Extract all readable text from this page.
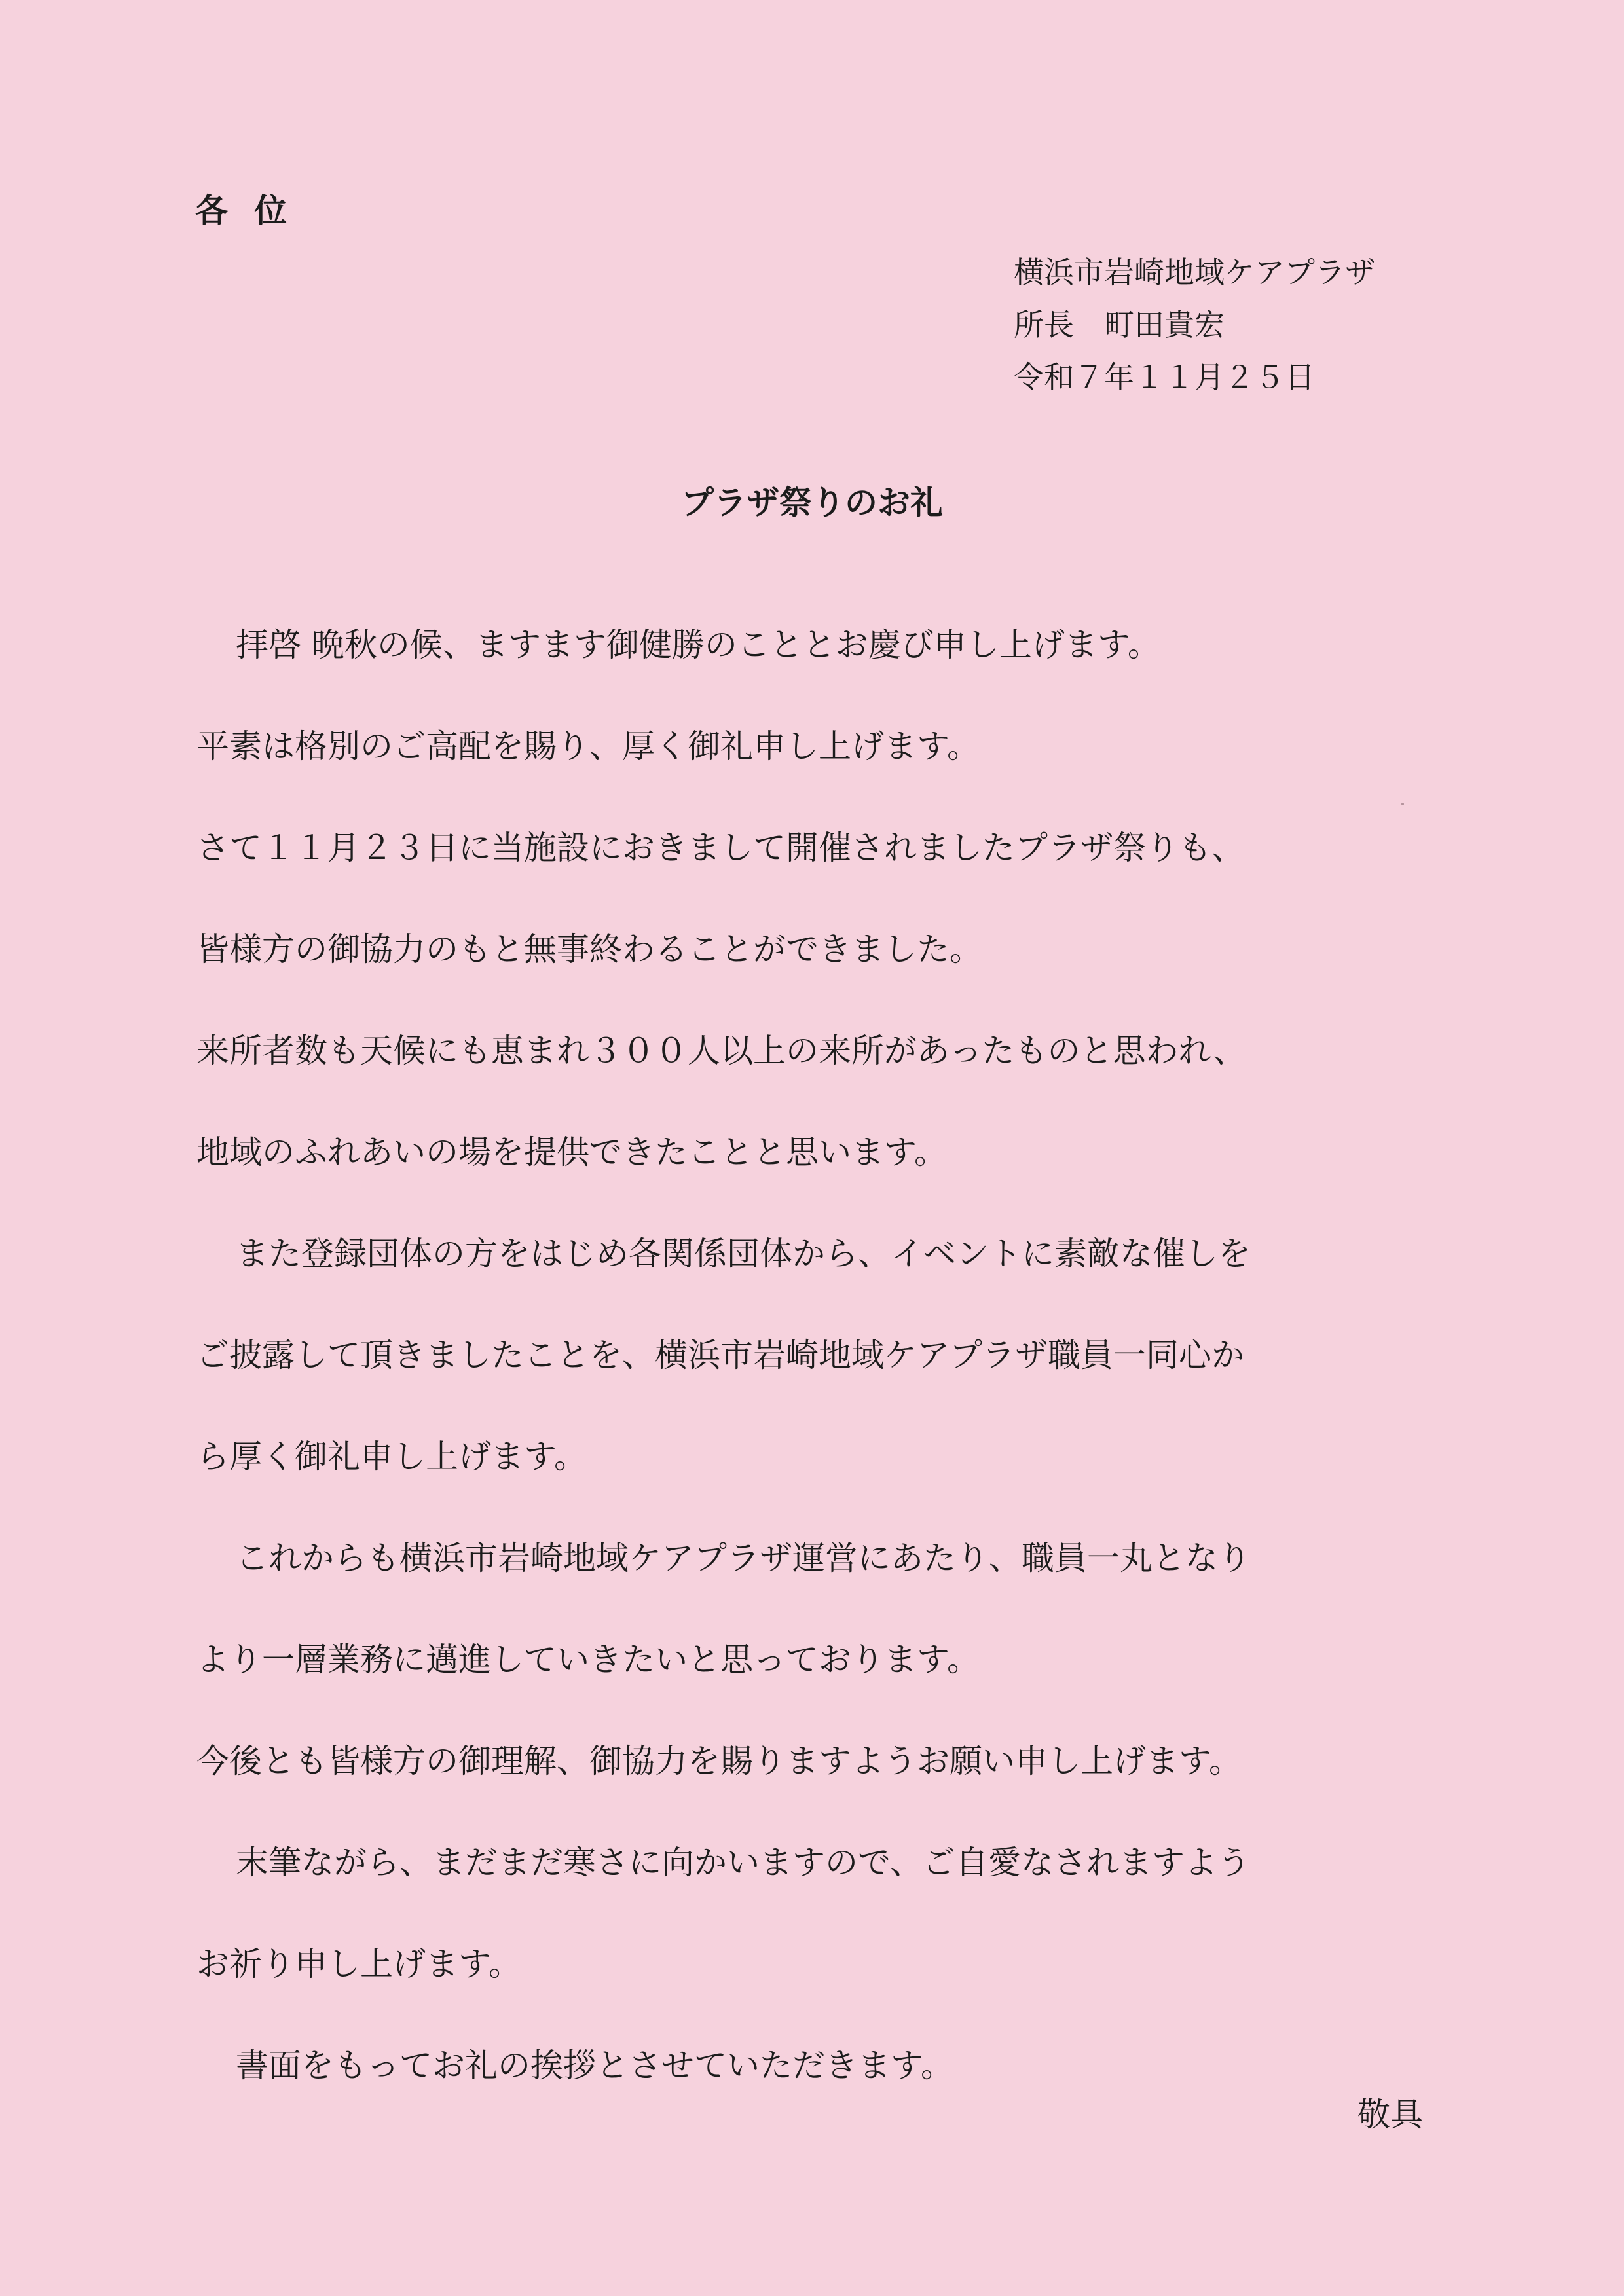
各位
横浜市岩崎地域ケアプラザ
所長　町田貴宏
令和７年１１月２５日
プラザ祭りのお礼
拝啓 晩秋の候、ますます御健勝のこととお慶び申し上げます。
平素は格別のご高配を賜り、厚く御礼申し上げます。
さて１１月２３日に当施設におきまして開催されましたプラザ祭りも、
皆様方の御協力のもと無事終わることができました。
来所者数も天候にも恵まれ３００人以上の来所があったものと思われ、
地域のふれあいの場を提供できたことと思います。
また登録団体の方をはじめ各関係団体から、イベントに素敵な催しを
ご披露して頂きましたことを、横浜市岩崎地域ケアプラザ職員一同心か
ら厚く御礼申し上げます。
これからも横浜市岩崎地域ケアプラザ運営にあたり、職員一丸となり
より一層業務に邁進していきたいと思っております。
今後とも皆様方の御理解、御協力を賜りますようお願い申し上げます。
末筆ながら、まだまだ寒さに向かいますので、ご自愛なされますよう
お祈り申し上げます。
書面をもってお礼の挨拶とさせていただきます。
敬具
